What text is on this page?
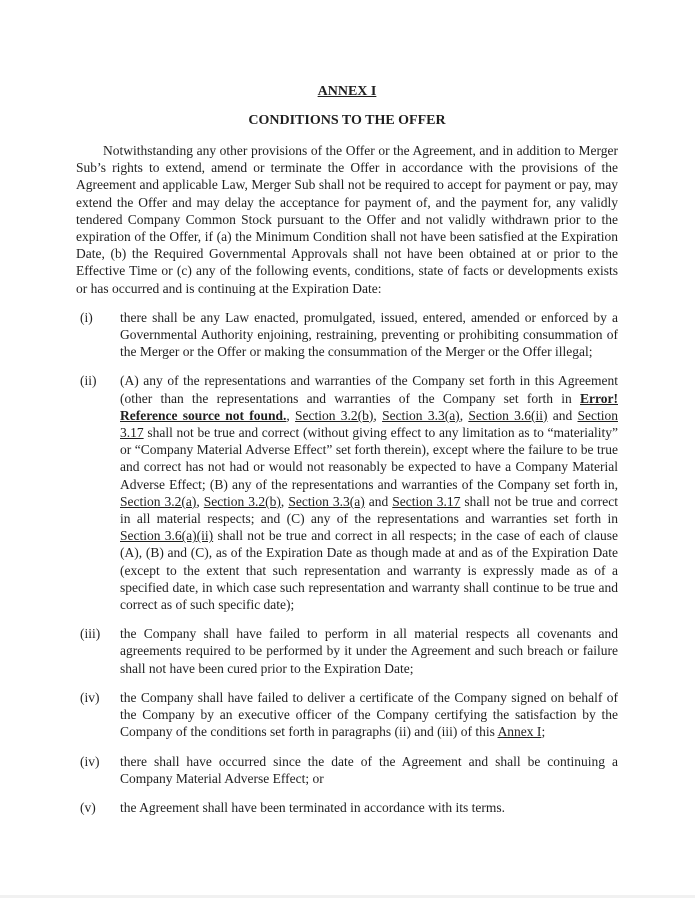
ANNEX I
CONDITIONS TO THE OFFER

Notwithstanding any other provisions of the Offer or the Agreement, and in addition to Merger Sub’s rights to extend, amend or terminate the Offer in accordance with the provisions of the Agreement and applicable Law, Merger Sub shall not be required to accept for payment or pay, may extend the Offer and may delay the acceptance for payment of, and the payment for, any validly tendered Company Common Stock pursuant to the Offer and not validly withdrawn prior to the expiration of the Offer, if (a) the Minimum Condition shall not have been satisfied at the Expiration Date, (b) the Required Governmental Approvals shall not have been obtained at or prior to the Effective Time or (c) any of the following events, conditions, state of facts or developments exists or has occurred and is continuing at the Expiration Date:

(i) there shall be any Law enacted, promulgated, issued, entered, amended or enforced by a Governmental Authority enjoining, restraining, preventing or prohibiting consummation of the Merger or the Offer or making the consummation of the Merger or the Offer illegal;
(ii) (A) any of the representations and warranties of the Company set forth in this Agreement (other than the representations and warranties of the Company set forth in Error! Reference source not found., Section 3.2(b), Section 3.3(a), Section 3.6(ii) and Section 3.17 shall not be true and correct (without giving effect to any limitation as to “materiality” or “Company Material Adverse Effect” set forth therein), except where the failure to be true and correct has not had or would not reasonably be expected to have a Company Material Adverse Effect; (B) any of the representations and warranties of the Company set forth in, Section 3.2(a), Section 3.2(b), Section 3.3(a) and Section 3.17 shall not be true and correct in all material respects; and (C) any of the representations and warranties set forth in Section 3.6(a)(ii) shall not be true and correct in all respects; in the case of each of clause (A), (B) and (C), as of the Expiration Date as though made at and as of the Expiration Date (except to the extent that such representation and warranty is expressly made as of a specified date, in which case such representation and warranty shall continue to be true and correct as of such specific date);
(iii) the Company shall have failed to perform in all material respects all covenants and agreements required to be performed by it under the Agreement and such breach or failure shall not have been cured prior to the Expiration Date;
(iv) the Company shall have failed to deliver a certificate of the Company signed on behalf of the Company by an executive officer of the Company certifying the satisfaction by the Company of the conditions set forth in paragraphs (ii) and (iii) of this Annex I;
(iv) there shall have occurred since the date of the Agreement and shall be continuing a Company Material Adverse Effect; or
(v) the Agreement shall have been terminated in accordance with its terms.
